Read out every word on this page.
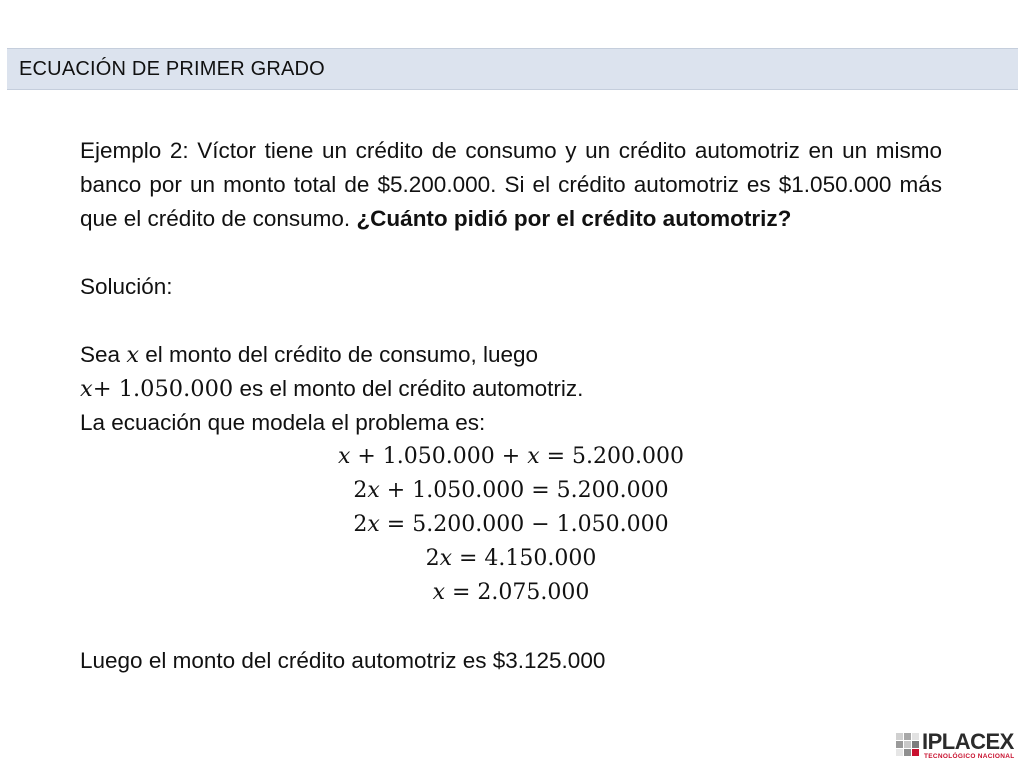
ECUACIÓN DE PRIMER GRADO

Ejemplo 2: Víctor tiene un crédito de consumo y un crédito automotriz en un mismo banco por un monto total de $5.200.000. Si el crédito automotriz es $1.050.000 más que el crédito de consumo. ¿Cuánto pidió por el crédito automotriz?

Solución:

Sea x el monto del crédito de consumo, luego

x+ 1.050.000 es el monto del crédito automotriz.

La ecuación que modela el problema es:

𝑥 + 1.050.000 + 𝑥 = 5.200.000
2𝑥 + 1.050.000 = 5.200.000
2𝑥 = 5.200.000 − 1.050.000
2𝑥 = 4.150.000
𝑥 = 2.075.000

Luego el monto del crédito automotriz es $3.125.000

IPLACEX
TECNOLÓGICO NACIONAL
